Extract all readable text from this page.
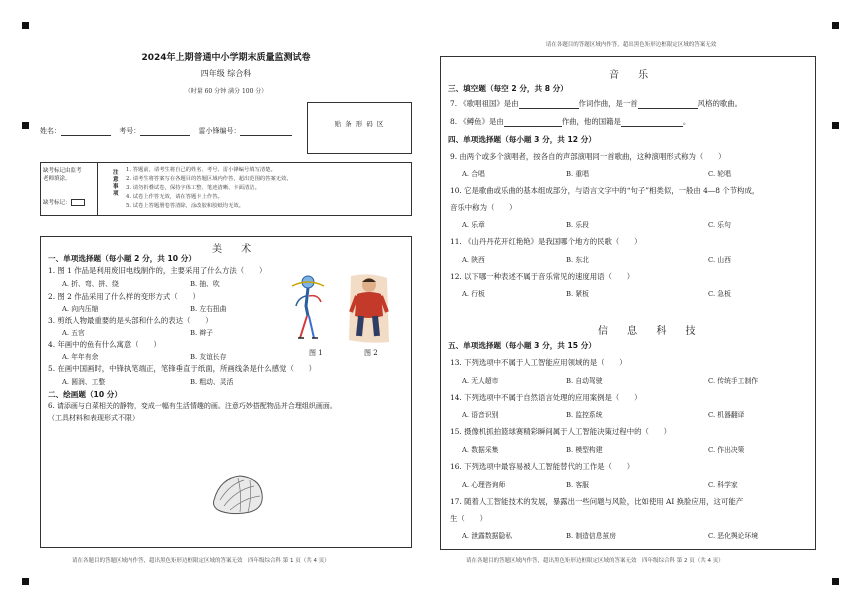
2024年上期普通中小学期末质量监测试卷
四年级 综合科
（时量 60 分钟 满分 100 分）
贴 条 形 码 区
姓名：	考号：	雷小锋编号：
缺考标记由监考
老师填涂。
缺考标记：
注意事项
1. 答题前，请考生将自己的姓名、考号、雷小锋编号填写清楚。
2. 请考生将答案写在各题目的答题区域内作答，超出范围的答案无效。
3. 请勿折叠试卷，保持字体工整、笔迹清晰、卡面清洁。
4. 试卷上作答无效，请在答题卡上作答。
5. 试卷上答题册卷答清除，涂改胶和胶纸均无效。
美 术
一、单项选择题（每小题 2 分，共 10 分）
1. 图 1 作品是利用废旧电线制作的，主要采用了什么方法（　　）
A. 折、弯、拼、绕	B. 抽、吹
2. 图 2 作品采用了什么样的变形方式（　　）
A. 向内压缩	B. 左右扭曲
3. 剪纸人物最重要的是头部和什么的表达（　　）
A. 五官	B. 辫子
4. 年画中的鱼有什么寓意（　　）
A. 年年有余	B. 友谊长存
5. 在画中国画时，中锋执笔端正，笔锋垂直于纸面，所画线条是什么感觉（　　）
A. 圆润、工整	B. 粗动、灵活
图 1	图 2
二、绘画题（10 分）
6. 请添画与白菜相关的静物，变成一幅有生活情趣的画。注意巧妙搭配物品并合理组织画面。
（工具材料和表现形式不限）
请在各题目的答题区域内作答，超出黑色矩形边框限定区域的答案无效　四年级综合科 第 1 页（共 4 页）
请在各题目的答题区域内作答，超出黑色矩形边框限定区域的答案无效
音 乐
三、填空题（每空 2 分，共 8 分）
7. 《歌唱祖国》是由	作词作曲，是一首	风格的歌曲。
8. 《鳟鱼》是由	作曲，他的国籍是	。
四、单项选择题（每小题 3 分，共 12 分）
9. 由两个或多个演唱者，按各自的声部演唱同一首歌曲，这种演唱形式称为（　　）
A. 合唱	B. 重唱	C. 轮唱
10. 它是歌曲或乐曲的基本组成部分，与语言文字中的“句子”相类似，一般由 4—8 个节构成，
音乐中称为（　　）
A. 乐章	B. 乐段	C. 乐句
11. 《山丹丹花开红艳艳》是我国哪个地方的民歌（　　）
A. 陕西	B. 东北	C. 山西
12. 以下哪一种表述不属于音乐常见的速度用语（　　）
A. 行板	B. 紧板	C. 急板
信 息 科 技
五、单项选择题（每小题 3 分，共 15 分）
13. 下列选项中不属于人工智能应用领域的是（　　）
A. 无人超市	B. 自动驾驶	C. 传统手工制作
14. 下列选项中不属于自然语言处理的应用案例是（　　）
A. 语音识别	B. 监控系统	C. 机器翻译
15. 摄像机抓拍篮球赛精彩瞬间属于人工智能决策过程中的（　　）
A. 数据采集	B. 模型构建	C. 作出决策
16. 下列选项中最容易被人工智能替代的工作是（　　）
A. 心理咨询师	B. 客服	C. 科学家
17. 随着人工智能技术的发展，暴露出一些问题与风险，比如使用 AI 换脸应用，这可能产
生（　　）
A. 泄露数据隐私	B. 制造信息茧房	C. 恶化舆论环境
请在各题目的答题区域内作答，超出黑色矩形边框限定区域的答案无效　四年级综合科 第 2 页（共 4 页）
